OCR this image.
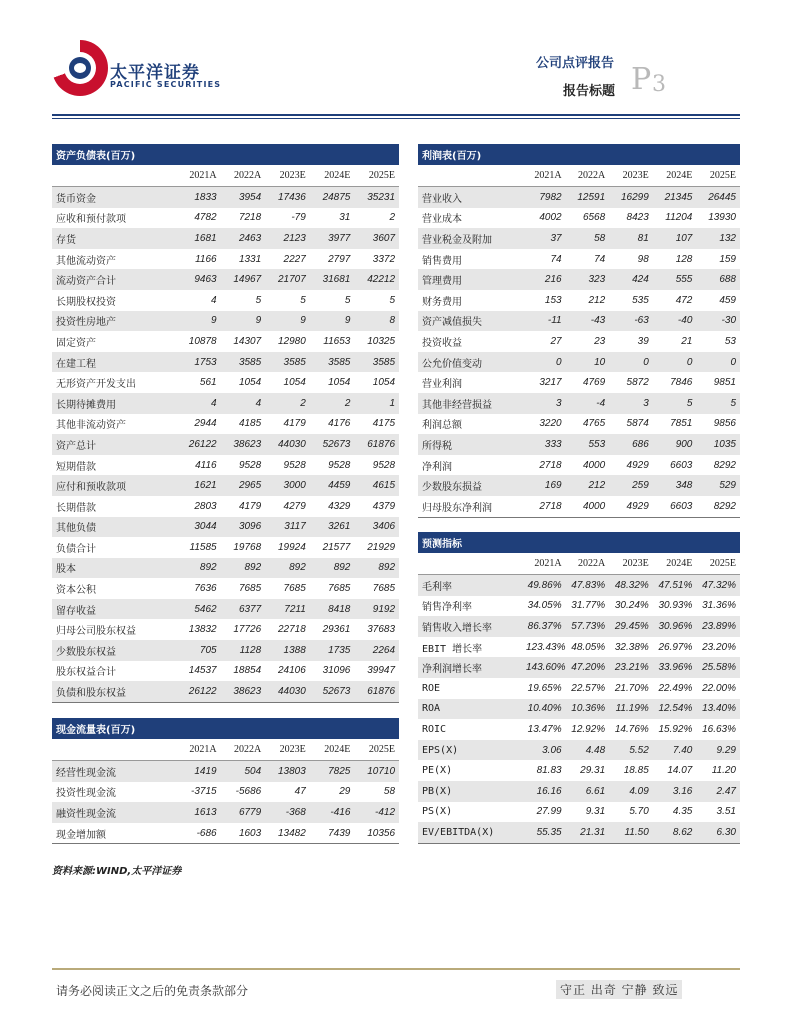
太平洋证券
PACIFIC SECURITIES
公司点评报告
报告标题 P 3
资产负债表(百万)					
	2021A	2022A	2023E	2024E	2025E
货币资金	1833	3954	17436	24875	35231
应收和预付款项	4782	7218	-79	31	2
存货	1681	2463	2123	3977	3607
其他流动资产	1166	1331	2227	2797	3372
流动资产合计	9463	14967	21707	31681	42212
长期股权投资	4	5	5	5	5
投资性房地产	9	9	9	9	8
固定资产	10878	14307	12980	11653	10325
在建工程	1753	3585	3585	3585	3585
无形资产开发支出	561	1054	1054	1054	1054
长期待摊费用	4	4	2	2	1
其他非流动资产	2944	4185	4179	4176	4175
资产总计	26122	38623	44030	52673	61876
短期借款	4116	9528	9528	9528	9528
应付和预收款项	1621	2965	3000	4459	4615
长期借款	2803	4179	4279	4329	4379
其他负债	3044	3096	3117	3261	3406
负债合计	11585	19768	19924	21577	21929
股本	892	892	892	892	892
资本公积	7636	7685	7685	7685	7685
留存收益	5462	6377	7211	8418	9192
归母公司股东权益	13832	17726	22718	29361	37683
少数股东权益	705	1128	1388	1735	2264
股东权益合计	14537	18854	24106	31096	39947
负债和股东权益	26122	38623	44030	52673	61876
现金流量表(百万)					
	2021A	2022A	2023E	2024E	2025E
经营性现金流	1419	504	13803	7825	10710
投资性现金流	-3715	-5686	47	29	58
融资性现金流	1613	6779	-368	-416	-412
现金增加额	-686	1603	13482	7439	10356
利润表(百万)					
	2021A	2022A	2023E	2024E	2025E
营业收入	7982	12591	16299	21345	26445
营业成本	4002	6568	8423	11204	13930
营业税金及附加	37	58	81	107	132
销售费用	74	74	98	128	159
管理费用	216	323	424	555	688
财务费用	153	212	535	472	459
资产减值损失	-11	-43	-63	-40	-30
投资收益	27	23	39	21	53
公允价值变动	0	10	0	0	0
营业利润	3217	4769	5872	7846	9851
其他非经营损益	3	-4	3	5	5
利润总额	3220	4765	5874	7851	9856
所得税	333	553	686	900	1035
净利润	2718	4000	4929	6603	8292
少数股东损益	169	212	259	348	529
归母股东净利润	2718	4000	4929	6603	8292
预测指标					
	2021A	2022A	2023E	2024E	2025E
毛利率	49.86%	47.83%	48.32%	47.51%	47.32%
销售净利率	34.05%	31.77%	30.24%	30.93%	31.36%
销售收入增长率	86.37%	57.73%	29.45%	30.96%	23.89%
EBIT 增长率	123.43%	48.05%	32.38%	26.97%	23.20%
净利润增长率	143.60%	47.20%	23.21%	33.96%	25.58%
ROE	19.65%	22.57%	21.70%	22.49%	22.00%
ROA	10.40%	10.36%	11.19%	12.54%	13.40%
ROIC	13.47%	12.92%	14.76%	15.92%	16.63%
EPS(X)	3.06	4.48	5.52	7.40	9.29
PE(X)	81.83	29.31	18.85	14.07	11.20
PB(X)	16.16	6.61	4.09	3.16	2.47
PS(X)	27.99	9.31	5.70	4.35	3.51
EV/EBITDA(X)	55.35	21.31	11.50	8.62	6.30
资料来源:WIND,太平洋证券
请务必阅读正文之后的免责条款部分	守正 出奇 宁静 致远
